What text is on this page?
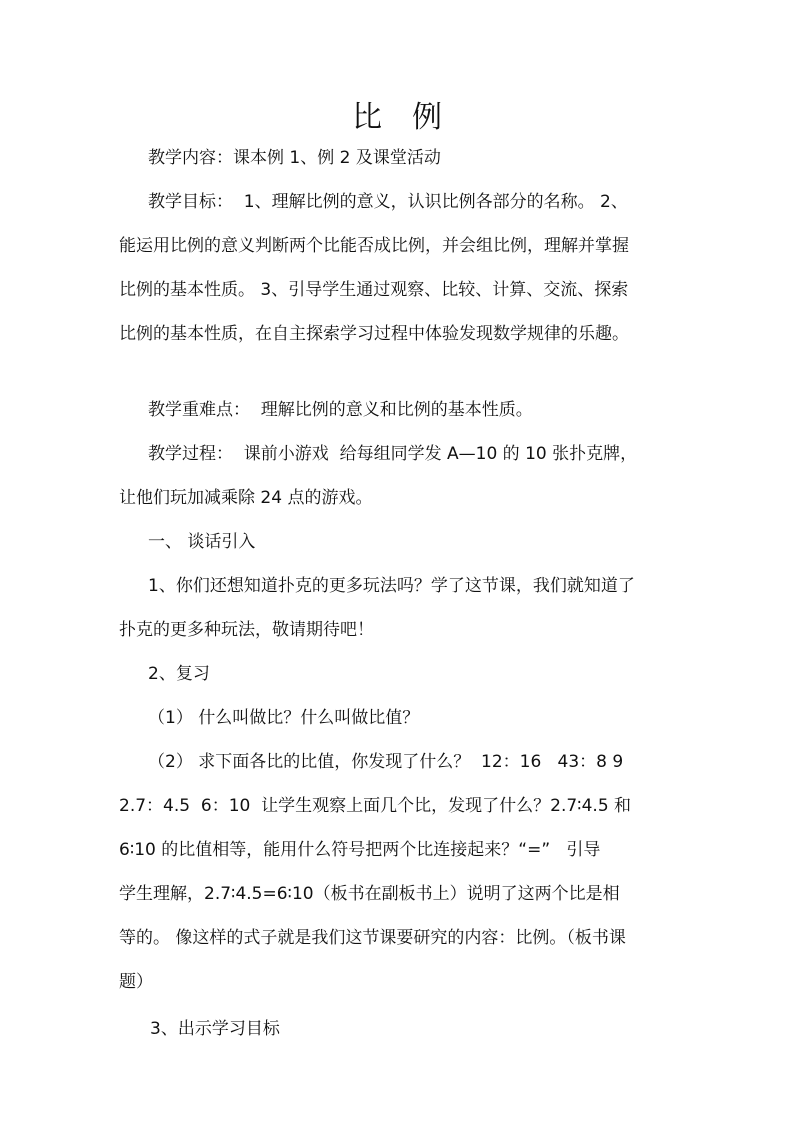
比　例
教学内容：课本例 1、例 2 及课堂活动
教学目标：  1、理解比例的意义，认识比例各部分的名称。 2、
能运用比例的意义判断两个比能否成比例，并会组比例，理解并掌握
比例的基本性质。 3、引导学生通过观察、比较、计算、交流、探索
比例的基本性质，在自主探索学习过程中体验发现数学规律的乐趣。
教学重难点：  理解比例的意义和比例的基本性质。
教学过程：  课前小游戏  给每组同学发 A—10 的 10 张扑克牌，
让他们玩加减乘除 24 点的游戏。
一、 谈话引入
1、你们还想知道扑克的更多玩法吗？学了这节课，我们就知道了
扑克的更多种玩法，敬请期待吧！
2、复习
（1） 什么叫做比？什么叫做比值？
（2） 求下面各比的比值，你发现了什么？  12：16   43：8 9
2.7：4.5  6：10  让学生观察上面几个比，发现了什么？2.7∶4.5 和
6∶10 的比值相等，能用什么符号把两个比连接起来？“=”   引导
学生理解，2.7∶4.5=6∶10（板书在副板书上）说明了这两个比是相
等的。 像这样的式子就是我们这节课要研究的内容：比例。（板书课
题）
3、出示学习目标
